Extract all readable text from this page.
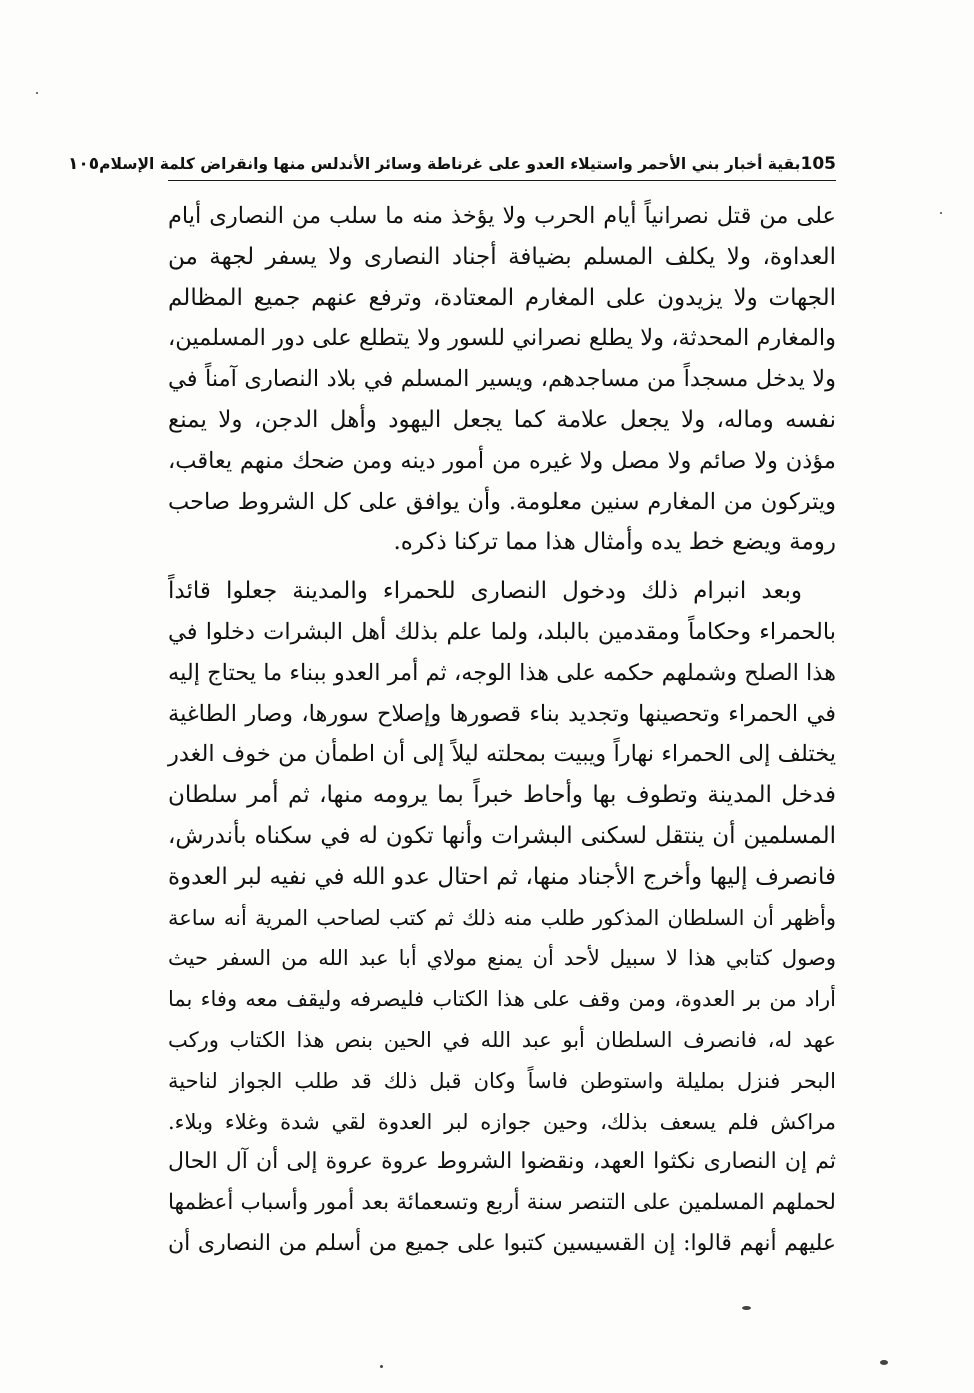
105
بقية أخبار بني الأحمر واستيلاء العدو على غرناطة وسائر الأندلس منها وانقراض كلمة الإسلام
١٠٥
على من قتل نصرانياً أيام الحرب ولا يؤخذ منه ما سلب من النصارى أيام
العداوة، ولا يكلف المسلم بضيافة أجناد النصارى ولا يسفر لجهة من
الجهات ولا يزيدون على المغارم المعتادة، وترفع عنهم جميع المظالم
والمغارم المحدثة، ولا يطلع نصراني للسور ولا يتطلع على دور المسلمين،
ولا يدخل مسجداً من مساجدهم، ويسير المسلم في بلاد النصارى آمناً في
نفسه وماله، ولا يجعل علامة كما يجعل اليهود وأهل الدجن، ولا يمنع
مؤذن ولا صائم ولا مصل ولا غيره من أمور دينه ومن ضحك منهم يعاقب،
ويتركون من المغارم سنين معلومة. وأن يوافق على كل الشروط صاحب
رومة ويضع خط يده وأمثال هذا مما تركنا ذكره.
وبعد انبرام ذلك ودخول النصارى للحمراء والمدينة جعلوا قائداً
بالحمراء وحكاماً ومقدمين بالبلد، ولما علم بذلك أهل البشرات دخلوا في
هذا الصلح وشملهم حكمه على هذا الوجه، ثم أمر العدو ببناء ما يحتاج إليه
في الحمراء وتحصينها وتجديد بناء قصورها وإصلاح سورها، وصار الطاغية
يختلف إلى الحمراء نهاراً ويبيت بمحلته ليلاً إلى أن اطمأن من خوف الغدر
فدخل المدينة وتطوف بها وأحاط خبراً بما يرومه منها، ثم أمر سلطان
المسلمين أن ينتقل لسكنى البشرات وأنها تكون له في سكناه بأندرش،
فانصرف إليها وأخرج الأجناد منها، ثم احتال عدو الله في نفيه لبر العدوة
وأظهر أن السلطان المذكور طلب منه ذلك ثم كتب لصاحب المرية أنه ساعة
وصول كتابي هذا لا سبيل لأحد أن يمنع مولاي أبا عبد الله من السفر حيث
أراد من بر العدوة، ومن وقف على هذا الكتاب فليصرفه وليقف معه وفاء بما
عهد له، فانصرف السلطان أبو عبد الله في الحين بنص هذا الكتاب وركب
البحر فنزل بمليلة واستوطن فاساً وكان قبل ذلك قد طلب الجواز لناحية
مراكش فلم يسعف بذلك، وحين جوازه لبر العدوة لقي شدة وغلاء وبلاء.
ثم إن النصارى نكثوا العهد، ونقضوا الشروط عروة عروة إلى أن آل الحال
لحملهم المسلمين على التنصر سنة أربع وتسعمائة بعد أمور وأسباب أعظمها
عليهم أنهم قالوا: إن القسيسين كتبوا على جميع من أسلم من النصارى أن
